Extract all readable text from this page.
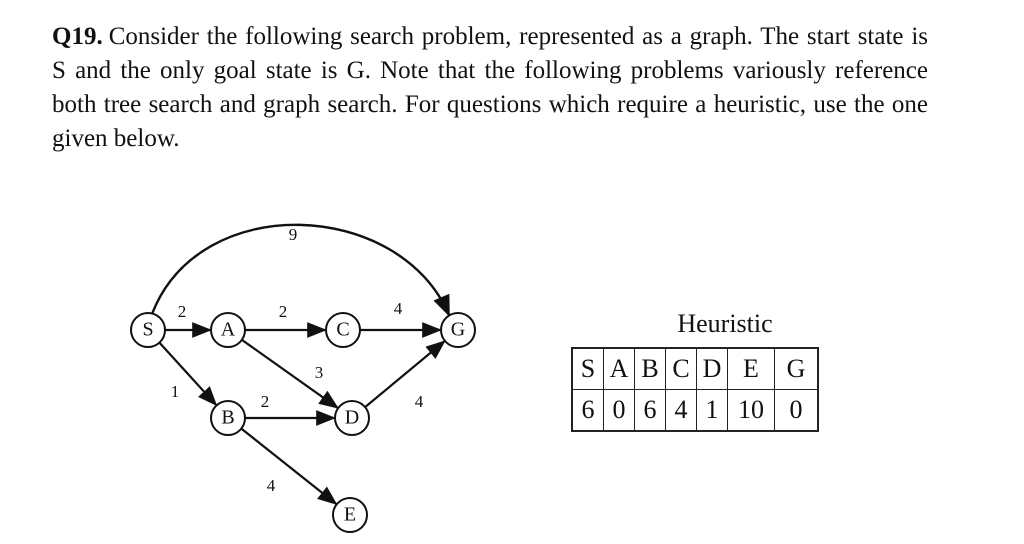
Q19. Consider the following search problem, represented as a graph. The start state is S and the only goal state is G. Note that the following problems variously reference both tree search and graph search. For questions which require a heuristic, use the one given below.

9
2
1
2
3
2
4
4
4
S	A
B
C
D
E
G	Heuristic
S	A	B	C	D	E	G
6	0	6	4	1	10	0
